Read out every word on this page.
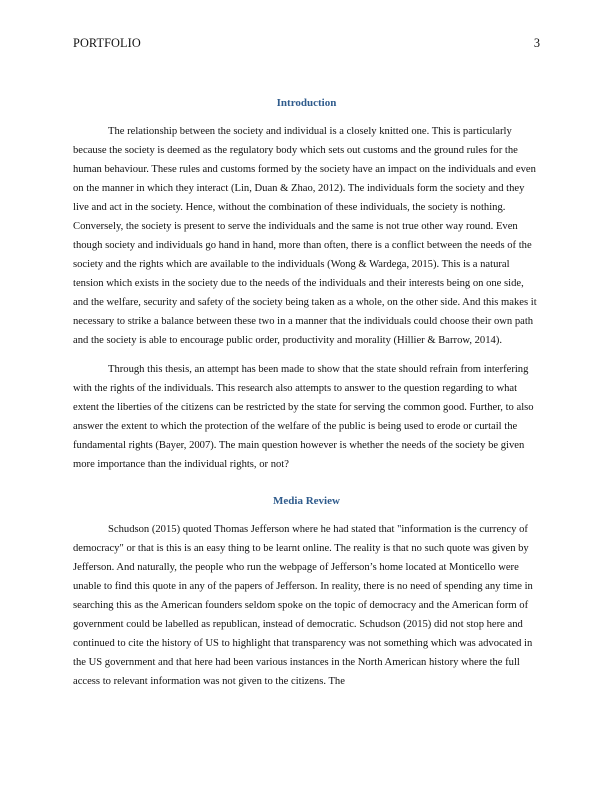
PORTFOLIO	3
Introduction

The relationship between the society and individual is a closely knitted one. This is particularly because the society is deemed as the regulatory body which sets out customs and the ground rules for the human behaviour. These rules and customs formed by the society have an impact on the individuals and even on the manner in which they interact (Lin, Duan & Zhao, 2012). The individuals form the society and they live and act in the society. Hence, without the combination of these individuals, the society is nothing. Conversely, the society is present to serve the individuals and the same is not true other way round. Even though society and individuals go hand in hand, more than often, there is a conflict between the needs of the society and the rights which are available to the individuals (Wong & Wardega, 2015). This is a natural tension which exists in the society due to the needs of the individuals and their interests being on one side, and the welfare, security and safety of the society being taken as a whole, on the other side. And this makes it necessary to strike a balance between these two in a manner that the individuals could choose their own path and the society is able to encourage public order, productivity and morality (Hillier & Barrow, 2014).

Through this thesis, an attempt has been made to show that the state should refrain from interfering with the rights of the individuals. This research also attempts to answer to the question regarding to what extent the liberties of the citizens can be restricted by the state for serving the common good. Further, to also answer the extent to which the protection of the welfare of the public is being used to erode or curtail the fundamental rights (Bayer, 2007). The main question however is whether the needs of the society be given more importance than the individual rights, or not?

Media Review

Schudson (2015) quoted Thomas Jefferson where he had stated that "information is the currency of democracy" or that is this is an easy thing to be learnt online. The reality is that no such quote was given by Jefferson. And naturally, the people who run the webpage of Jefferson’s home located at Monticello were unable to find this quote in any of the papers of Jefferson. In reality, there is no need of spending any time in searching this as the American founders seldom spoke on the topic of democracy and the American form of government could be labelled as republican, instead of democratic. Schudson (2015) did not stop here and continued to cite the history of US to highlight that transparency was not something which was advocated in the US government and that here had been various instances in the North American history where the full access to relevant information was not given to the citizens. The
